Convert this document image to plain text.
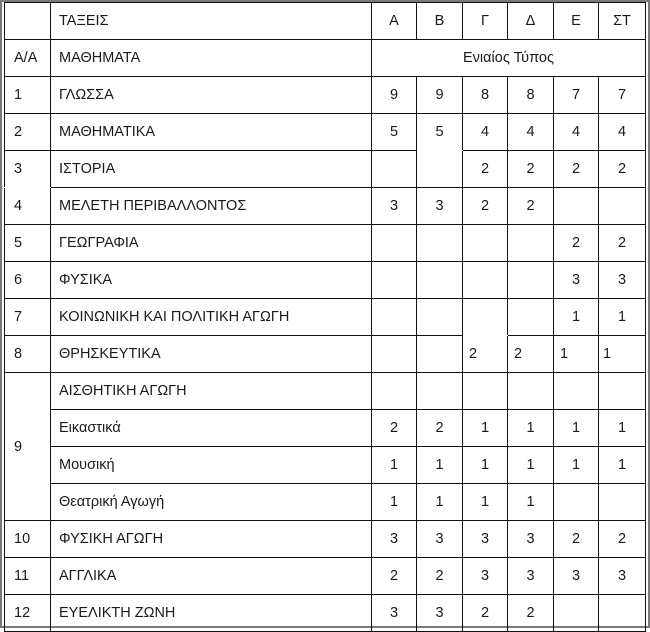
	ΤΑΞΕΙΣ	Α	Β	Γ	Δ	Ε	ΣΤ
Α/Α	ΜΑΘΗΜΑΤΑ	Ενιαίος Τύπος					
1	ΓΛΩΣΣΑ	9	9	8	8	7	7
2	ΜΑΘΗΜΑΤΙΚΑ	5	5	4	4	4	4
3	ΙΣΤΟΡΙΑ			2	2	2	2
4	ΜΕΛΕΤΗ ΠΕΡΙΒΑΛΛΟΝΤΟΣ	3	3	2	2		
5	ΓΕΩΓΡΑΦΙΑ					2	2
6	ΦΥΣΙΚΑ					3	3
7	ΚΟΙΝΩΝΙΚΗ ΚΑΙ ΠΟΛΙΤΙΚΗ ΑΓΩΓΗ					1	1
8	ΘΡΗΣΚΕΥΤΙΚΑ			2	2	1	1
9	ΑΙΣΘΗΤΙΚΗ ΑΓΩΓΗ						
	Εικαστικά	2	2	1	1	1	1
	Μουσική	1	1	1	1	1	1
	Θεατρική Αγωγή	1	1	1	1		
10	ΦΥΣΙΚΗ ΑΓΩΓΗ	3	3	3	3	2	2
11	ΑΓΓΛΙΚΑ	2	2	3	3	3	3
12	ΕΥΕΛΙΚΤΗ ΖΩΝΗ	3	3	2	2		
